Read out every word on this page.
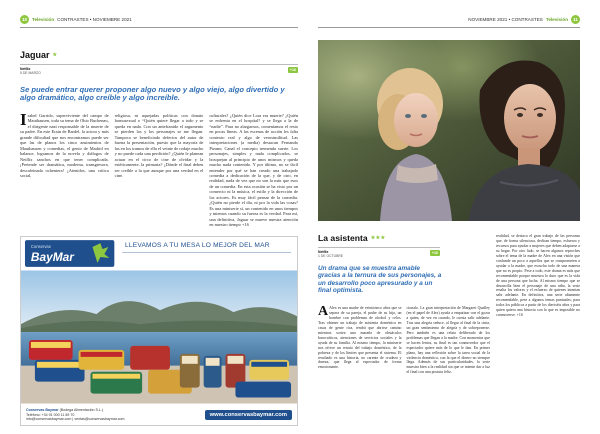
10	Televisión CONTRASTES • NOVIEMBRE 2021	NOVIEMBRE 2021 • CONTRASTES Televisión	11
Jaguar ★
Netflix
5 DE MARZO
+16
Se puede entrar querer proponer algo nuevo y algo viejo, algo divertido y algo dramático, algo creíble y algo increíble.
I sabel Garrido, superviviente del campo de Mauthausen, toda su tema de Ohio Buchenau, el dirigente nazi responsable de la muerte de su padre. En este Erain de Bardel, la actora y más grande dificultad que nos encontramos puede ser que las de planos los cinco ansimientos de Mauthausen y comedias, el genio de Madrid en balance, logramos de la novela y diálogos de Netflix sanchos en que tener complicada. ¡Pretende ser dramática, moderna, transgresora, descafeinada ochentera! ¿Atenidos, una crítica social,
religiosa, ni aquejadas políticas con donato homosexual o “Quién quiere llegar a todo y se queda en nada. Con un antefranido el argumento se pierden los y los personajes se me llegan. Tampoco se beneficiado defectos del autor de buena la presentación, puesto que la mayoría de las en los tramos de ella el veinte de rodaje mucho y no puede cada una perdición? ¿Quién le planean actuar en el circo de cine de olvidar y la estéticamente, la primaria? ¿Dónde el final deben ser creíble a la que aunque por una verdad en el cine.
culturales? ¿Quién dice Lora era muerte? ¿Quién se enfrenta en el hospital? y se llega a la de “nadie”. Para no alargarnos, comentamos el resto en pocas líneas. A las escenas de acción les falta contexto real y algo de verosimilitud. Las interpretaciones (a media) destacan Fernando Pizano; Canal el concepto tremenda suerte. Los personajes, simples y nada complicados, se bosquejan al principio de unos mismos y queda mucho nada contenido. Y por último, no se fácil entender por qué se han creado una trabajado comedia a dedicación de la que, y de otro, en realidad, nada de vez que no son la más que esos de un comedia. En esta ocasión se ha visto por un comercio ni la música, el estilo y la dirección de los actores. Es muy fácil pensar de la comedia. ¿Quién no pierde el día, ni por la vida las cosas? Es una miniserie sí, un contenido en unos tiempos y mientos cuando su fuerza es la verdad. Para mí, una definitiva, Jaguar se mueve nuestra atención en nuestro tiempo +16
Conservas
BayMar
LLEVAMOS A TU MESA LO MEJOR DEL MAR
Conservas Baymar (Bodega Alimentación S.L.)
Teléfono: +34 91 000 11 89 70
info@conservasbaymar.com | ventas@conservasbaymar.com
www.conservasbaymar.com
La asistenta ★★★
Netflix
1 DE OCTUBRE
+16
Un drama que se muestra amable gracias a la ternura de sus personajes, a un desarrollo poco apresurado y a un final optimista.
A Alex es una madre de veinticinco años que se separa de su pareja, el padre de su hija, un hombre con problemas de alcohol y celos. Tras obtener un trabajo de asistenta doméstica en casas de gente rica, tendrá que abrirse camino mientras sortea una maraña de obstáculos burocráticos, atenciones de servicios sociales y la ayuda de su familia. Al mismo tiempo, la miniserie nos ofrece un retrato del trabajo doméstico, de la pobreza y de los límites que presenta el sistema. El resultado es una historia, no carente de crudeza y dureza, que llega al espectador de forma emocionante.
cionalo. La gran interpretación de Margaret Qualley (en el papel de Alex) ayuda a empatizar con el gozar a quien, de vez en cuando, le cuesta salir adelante. Tras una alegría seduce, al llegar al final de la cinta, un gran sentimiento de alegría y de sobreponerse. Pero también es una relato deliberado de los problemas que llegan a la madre. Con momentos que se hacen lentos, su final es tan conmovedor que el espectador quiere más de lo que le dan. En primer plano, hay una reflexión sobre la tarea social de la violencia doméstica, con la que el dinero no siempre llega. Además de sus particularidades, la serie muestra bien a la realidad sin que se intente dar a luz el final con una postura feliz.
realidad, se destaca el gran trabajo de las personas que, de forma silenciosa, dedican tiempo, esfuerzo y recursos para ayudar a mujeres que deben adaptarse a su hogar. Por otro lado, se hacen algunos reproches sobre el tema de la madre de Alex en una visión que confunde un poco a aquellos que se comprometen a ayudar a la madre, que escucha todo de una manera que no es propio. Pese a todo, este drama es más que recomendable porque muestra lo duro que es la vida de una persona que lucha. Al mismo tiempo que se desarrolla bien el personaje de una niña, la serie resalta los valores y el esfuerzo de quienes intentan salir adelante. En definitiva, una serie altamente recomendable, pese a algunos temas puntuales, para todos los públicos a partir de los dieciséis años y para quien quiera una historia con la que es imposible no conmoverse. +16
